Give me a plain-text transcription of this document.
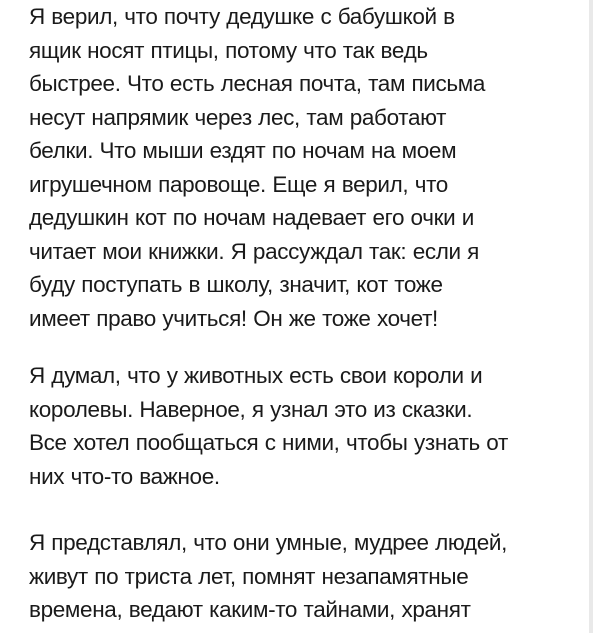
Я верил, что почту дедушке с бабушкой в
ящик носят птицы, потому что так ведь
быстрее. Что есть лесная почта, там письма
несут напрямик через лес, там работают
белки. Что мыши ездят по ночам на моем
игрушечном паровоще. Еще я верил, что
дедушкин кот по ночам надевает его очки и
читает мои книжки. Я рассуждал так: если я
буду поступать в школу, значит, кот тоже
имеет право учиться! Он же тоже хочет!
Я думал, что у животных есть свои короли и
королевы. Наверное, я узнал это из сказки.
Все хотел пообщаться с ними, чтобы узнать от
них что-то важное.
Я представлял, что они умные, мудрее людей,
живут по триста лет, помнят незапамятные
времена, ведают каким-то тайнами, хранят
